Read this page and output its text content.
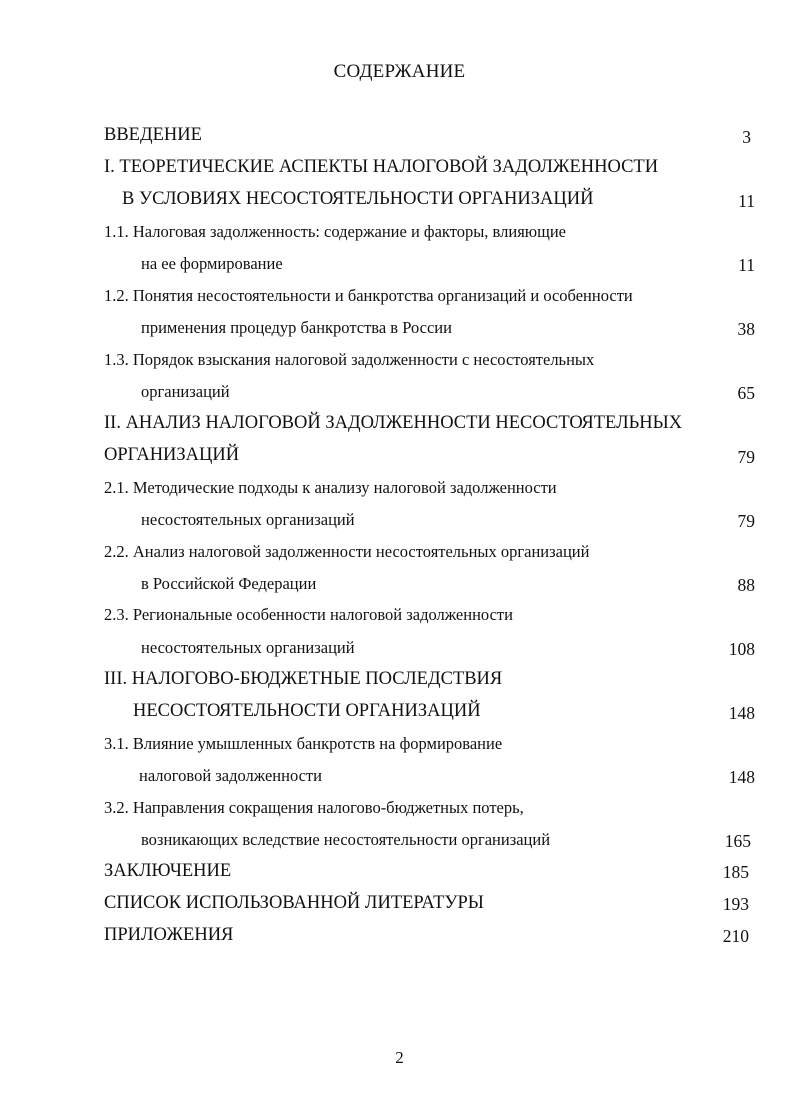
СОДЕРЖАНИЕ
ВВЕДЕНИЕ	3
I. ТЕОРЕТИЧЕСКИЕ АСПЕКТЫ НАЛОГОВОЙ ЗАДОЛЖЕННОСТИ
В УСЛОВИЯХ НЕСОСТОЯТЕЛЬНОСТИ ОРГАНИЗАЦИЙ	11
1.1. Налоговая задолженность: содержание и факторы, влияющие
на ее формирование	11
1.2. Понятия несостоятельности и банкротства организаций и особенности
применения процедур банкротства в России	38
1.3. Порядок взыскания налоговой задолженности с несостоятельных
организаций	65
II. АНАЛИЗ НАЛОГОВОЙ ЗАДОЛЖЕННОСТИ НЕСОСТОЯТЕЛЬНЫХ
ОРГАНИЗАЦИЙ	79
2.1. Методические подходы к анализу налоговой задолженности
несостоятельных организаций	79
2.2. Анализ налоговой задолженности несостоятельных организаций
в Российской Федерации	88
2.3. Региональные особенности налоговой задолженности
несостоятельных организаций	108
III. НАЛОГОВО-БЮДЖЕТНЫЕ ПОСЛЕДСТВИЯ
НЕСОСТОЯТЕЛЬНОСТИ ОРГАНИЗАЦИЙ	148
3.1. Влияние умышленных банкротств на формирование
налоговой задолженности	148
3.2. Направления сокращения налогово-бюджетных потерь,
возникающих вследствие несостоятельности организаций	165
ЗАКЛЮЧЕНИЕ	185
СПИСОК ИСПОЛЬЗОВАННОЙ ЛИТЕРАТУРЫ	193
ПРИЛОЖЕНИЯ	210
2
